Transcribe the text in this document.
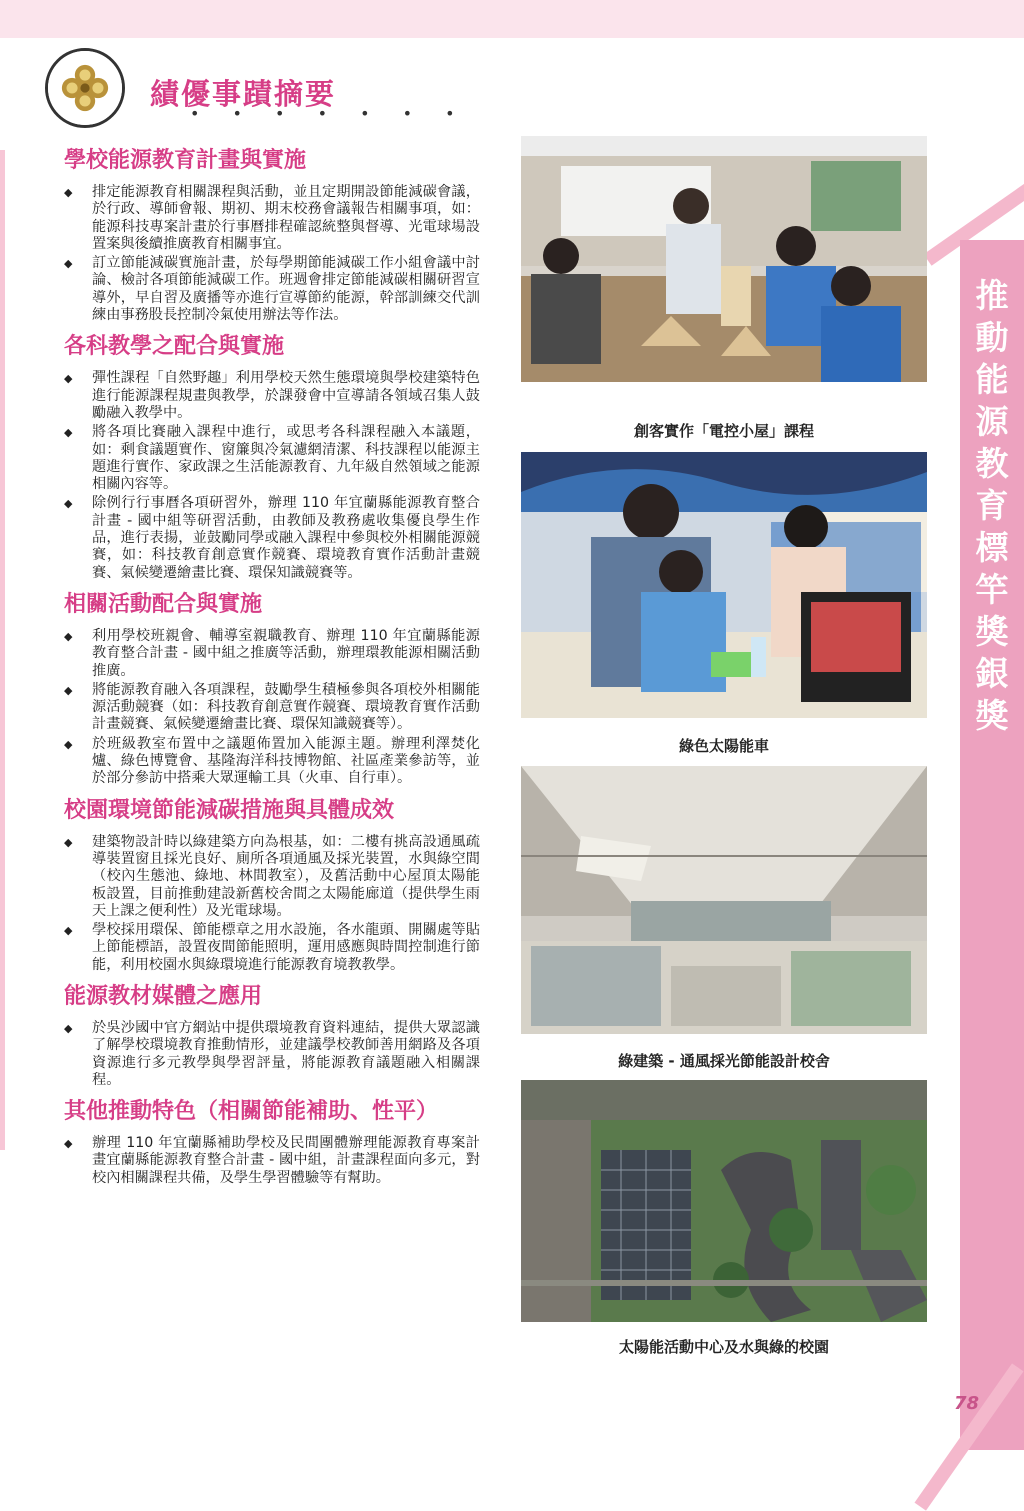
推動能源教育標竿獎 銀獎
績優事蹟摘要
• • • • • • •
學校能源教育計畫與實施
◆ 排定能源教育相關課程與活動，並且定期開設節能減碳會議，於行政、導師會報、期初、期末校務會議報告相關事項，如：能源科技專案計畫於行事曆排程確認統整與督導、光電球場設置案與後續推廣教育相關事宜。
◆ 訂立節能減碳實施計畫，於每學期節能減碳工作小組會議中討論、檢討各項節能減碳工作。班週會排定節能減碳相關研習宣導外，早自習及廣播等亦進行宣導節約能源，幹部訓練交代訓練由事務股長控制冷氣使用辦法等作法。
各科教學之配合與實施
◆ 彈性課程「自然野趣」利用學校天然生態環境與學校建築特色進行能源課程規畫與教學，於課發會中宣導請各領域召集人鼓勵融入教學中。
◆ 將各項比賽融入課程中進行，或思考各科課程融入本議題，如：剩食議題實作、窗簾與冷氣濾網清潔、科技課程以能源主題進行實作、家政課之生活能源教育、九年級自然領域之能源相關內容等。
◆ 除例行行事曆各項研習外，辦理 110 年宜蘭縣能源教育整合計畫 - 國中組等研習活動，由教師及教務處收集優良學生作品，進行表揚，並鼓勵同學或融入課程中參與校外相關能源競賽，如：科技教育創意實作競賽、環境教育實作活動計畫競賽、氣候變遷繪畫比賽、環保知識競賽等。
相關活動配合與實施
◆ 利用學校班親會、輔導室親職教育、辦理 110 年宜蘭縣能源教育整合計畫 - 國中組之推廣等活動，辦理環教能源相關活動推廣。
◆ 將能源教育融入各項課程，鼓勵學生積極參與各項校外相關能源活動競賽（如：科技教育創意實作競賽、環境教育實作活動計畫競賽、氣候變遷繪畫比賽、環保知識競賽等）。
◆ 於班級教室布置中之議題佈置加入能源主題。辦理利澤焚化爐、綠色博覽會、基隆海洋科技博物館、社區產業參訪等，並於部分參訪中搭乘大眾運輸工具（火車、自行車）。
校園環境節能減碳措施與具體成效
◆ 建築物設計時以綠建築方向為根基，如：二樓有挑高設通風疏導裝置窗且採光良好、廁所各項通風及採光裝置，水與綠空間（校內生態池、綠地、林間教室），及舊活動中心屋頂太陽能板設置，目前推動建設新舊校舍間之太陽能廊道（提供學生雨天上課之便利性）及光電球場。
◆ 學校採用環保、節能標章之用水設施，各水龍頭、開關處等貼上節能標語，設置夜間節能照明，運用感應與時間控制進行節能，利用校園水與綠環境進行能源教育境教教學。
能源教材媒體之應用
◆ 於吳沙國中官方網站中提供環境教育資料連結，提供大眾認識了解學校環境教育推動情形，並建議學校教師善用網路及各項資源進行多元教學與學習評量，將能源教育議題融入相關課程。
其他推動特色（相關節能補助、性平）
◆ 辦理 110 年宜蘭縣補助學校及民間團體辦理能源教育專案計畫宜蘭縣能源教育整合計畫 - 國中組，計畫課程面向多元，對校內相關課程共備，及學生學習體驗等有幫助。
創客實作「電控小屋」課程
綠色太陽能車
綠建築 - 通風採光節能設計校舍
太陽能活動中心及水與綠的校園
78
